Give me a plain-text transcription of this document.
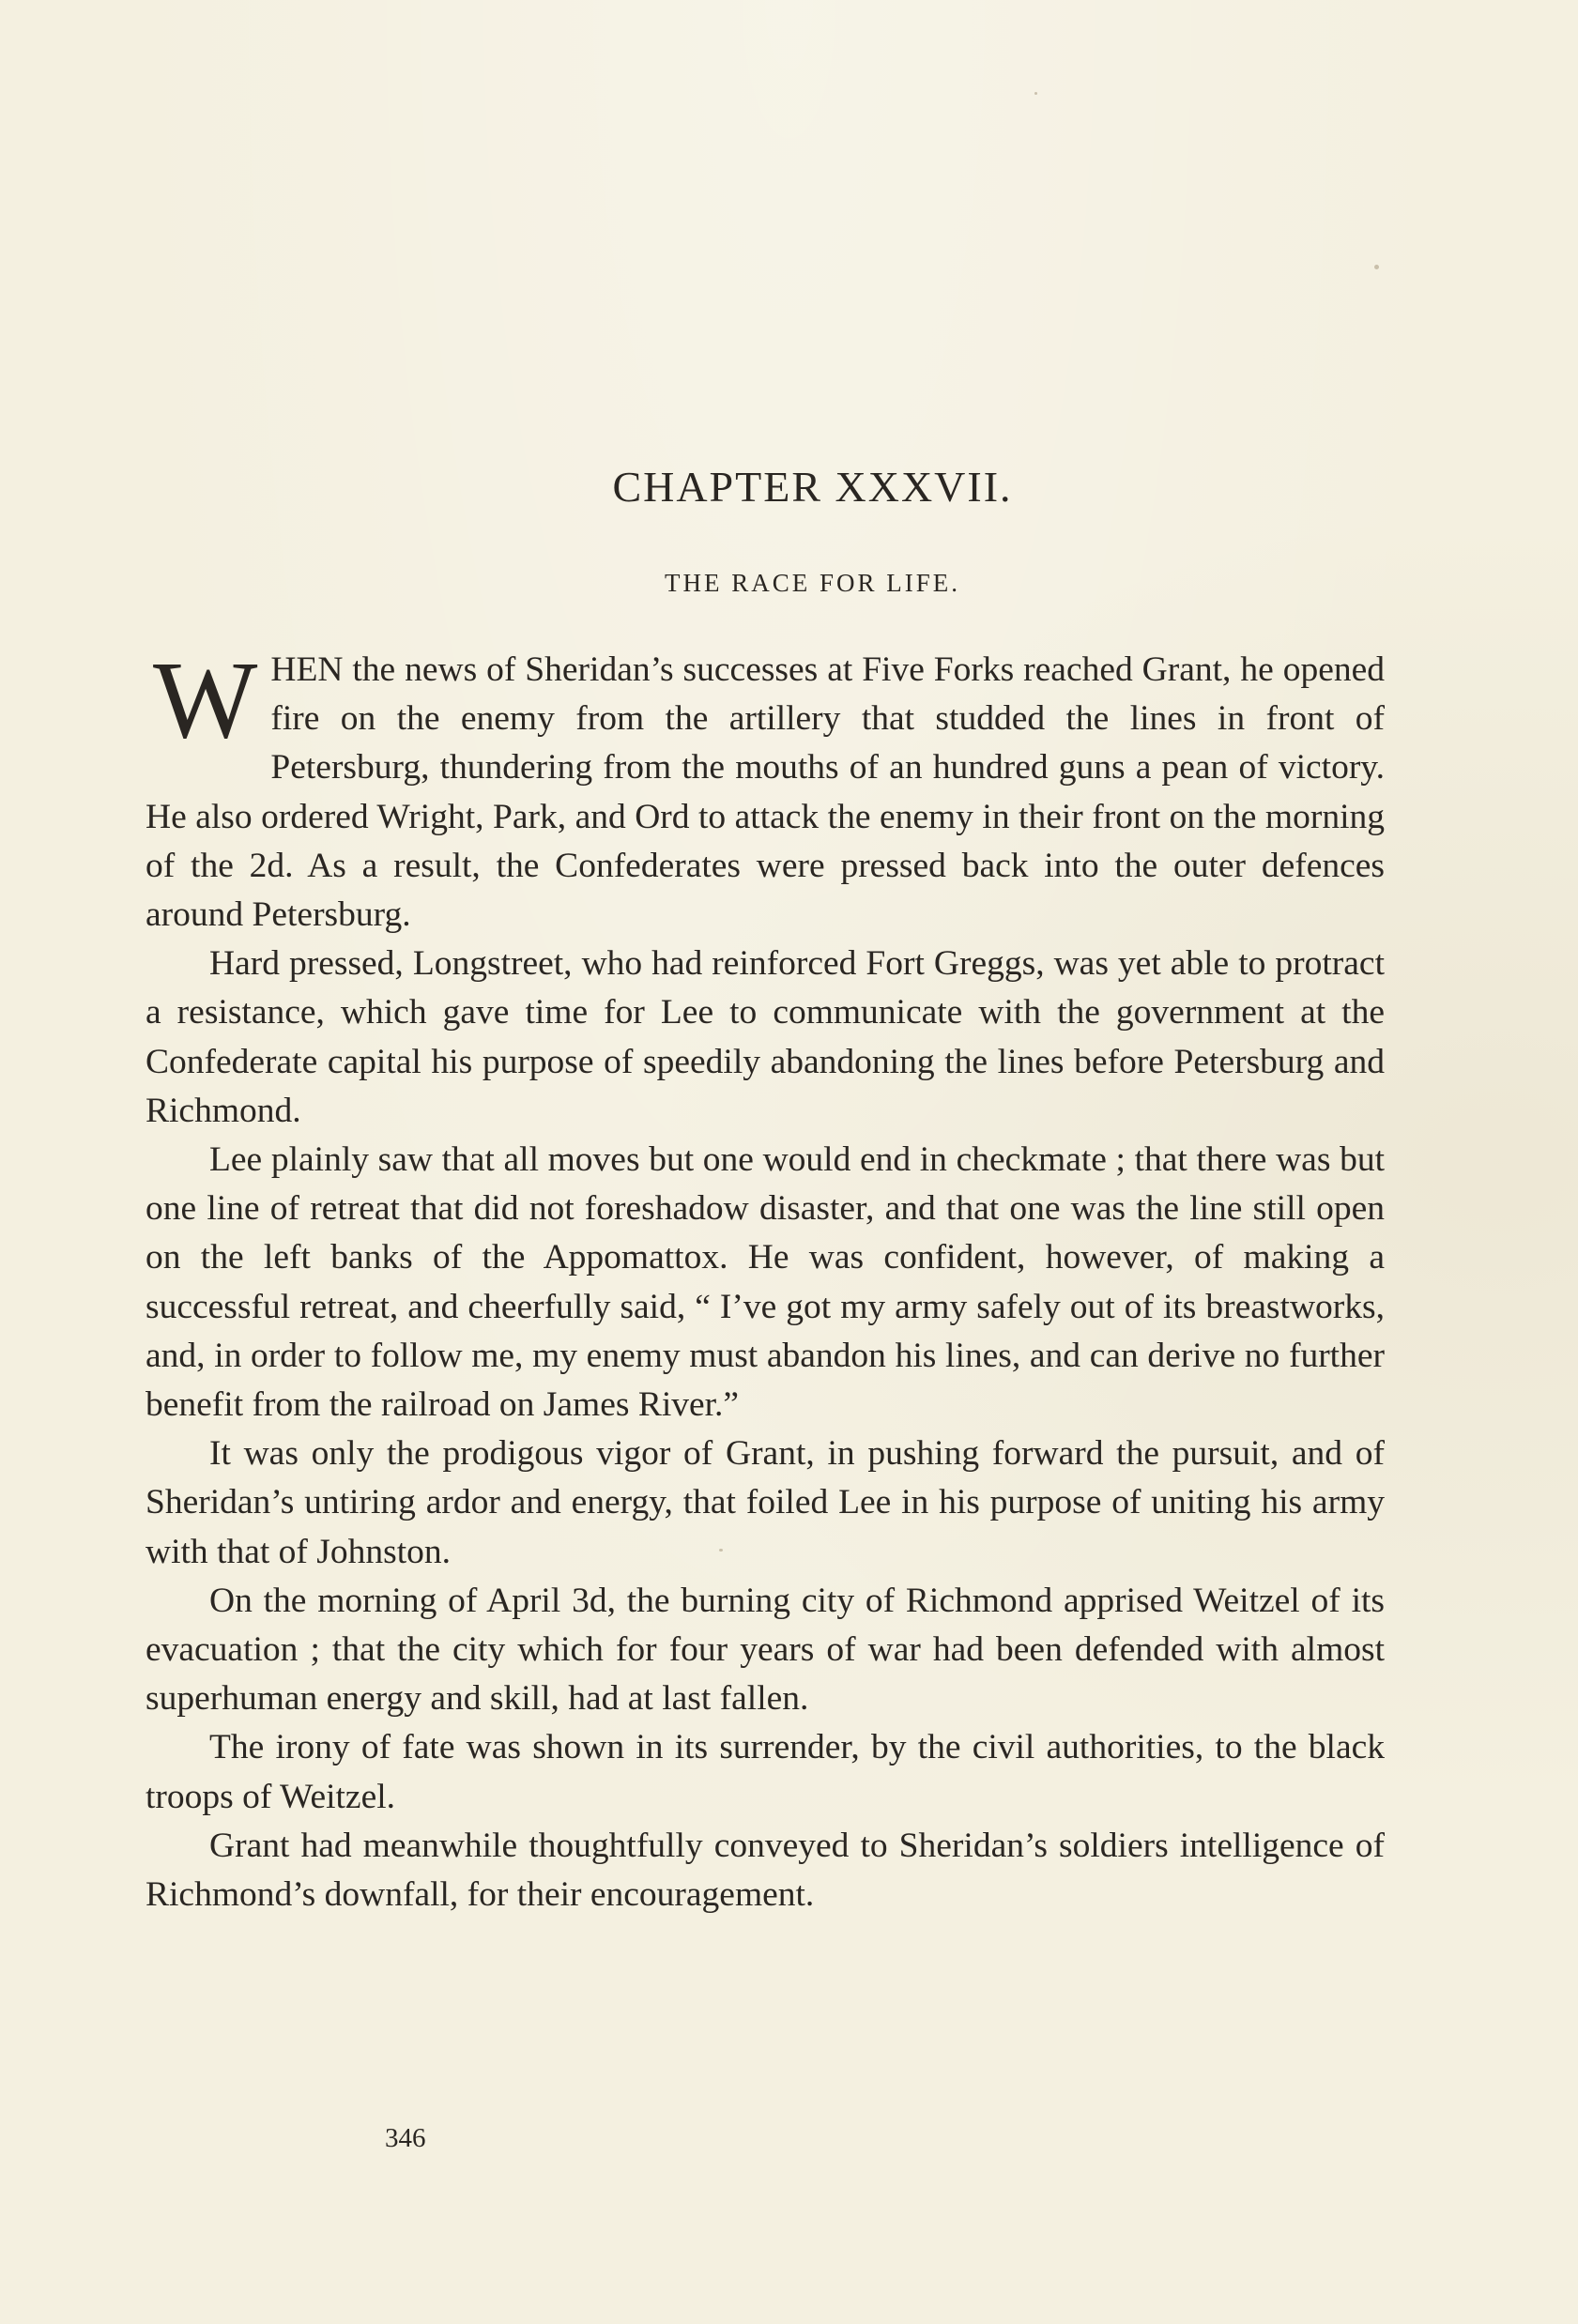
CHAPTER XXXVII.
THE RACE FOR LIFE.

WHEN the news of Sheridan’s successes at Five Forks reached Grant, he opened fire on the enemy from the artillery that studded the lines in front of Petersburg, thundering from the mouths of an hundred guns a pean of victory. He also ordered Wright, Park, and Ord to attack the enemy in their front on the morning of the 2d. As a result, the Confederates were pressed back into the outer defences around Petersburg.

Hard pressed, Longstreet, who had reinforced Fort Greggs, was yet able to protract a resistance, which gave time for Lee to communicate with the government at the Confederate capital his purpose of speedily abandoning the lines before Petersburg and Richmond.

Lee plainly saw that all moves but one would end in checkmate ; that there was but one line of retreat that did not foreshadow disaster, and that one was the line still open on the left banks of the Appomattox. He was confident, however, of making a successful retreat, and cheerfully said, “ I’ve got my army safely out of its breastworks, and, in order to follow me, my enemy must abandon his lines, and can derive no further benefit from the railroad on James River.”

It was only the prodigous vigor of Grant, in pushing forward the pursuit, and of Sheridan’s untiring ardor and energy, that foiled Lee in his purpose of uniting his army with that of Johnston.

On the morning of April 3d, the burning city of Richmond apprised Weitzel of its evacuation ; that the city which for four years of war had been defended with almost superhuman energy and skill, had at last fallen.

The irony of fate was shown in its surrender, by the civil authorities, to the black troops of Weitzel.

Grant had meanwhile thoughtfully conveyed to Sheridan’s soldiers intelligence of Richmond’s downfall, for their encouragement.

346
